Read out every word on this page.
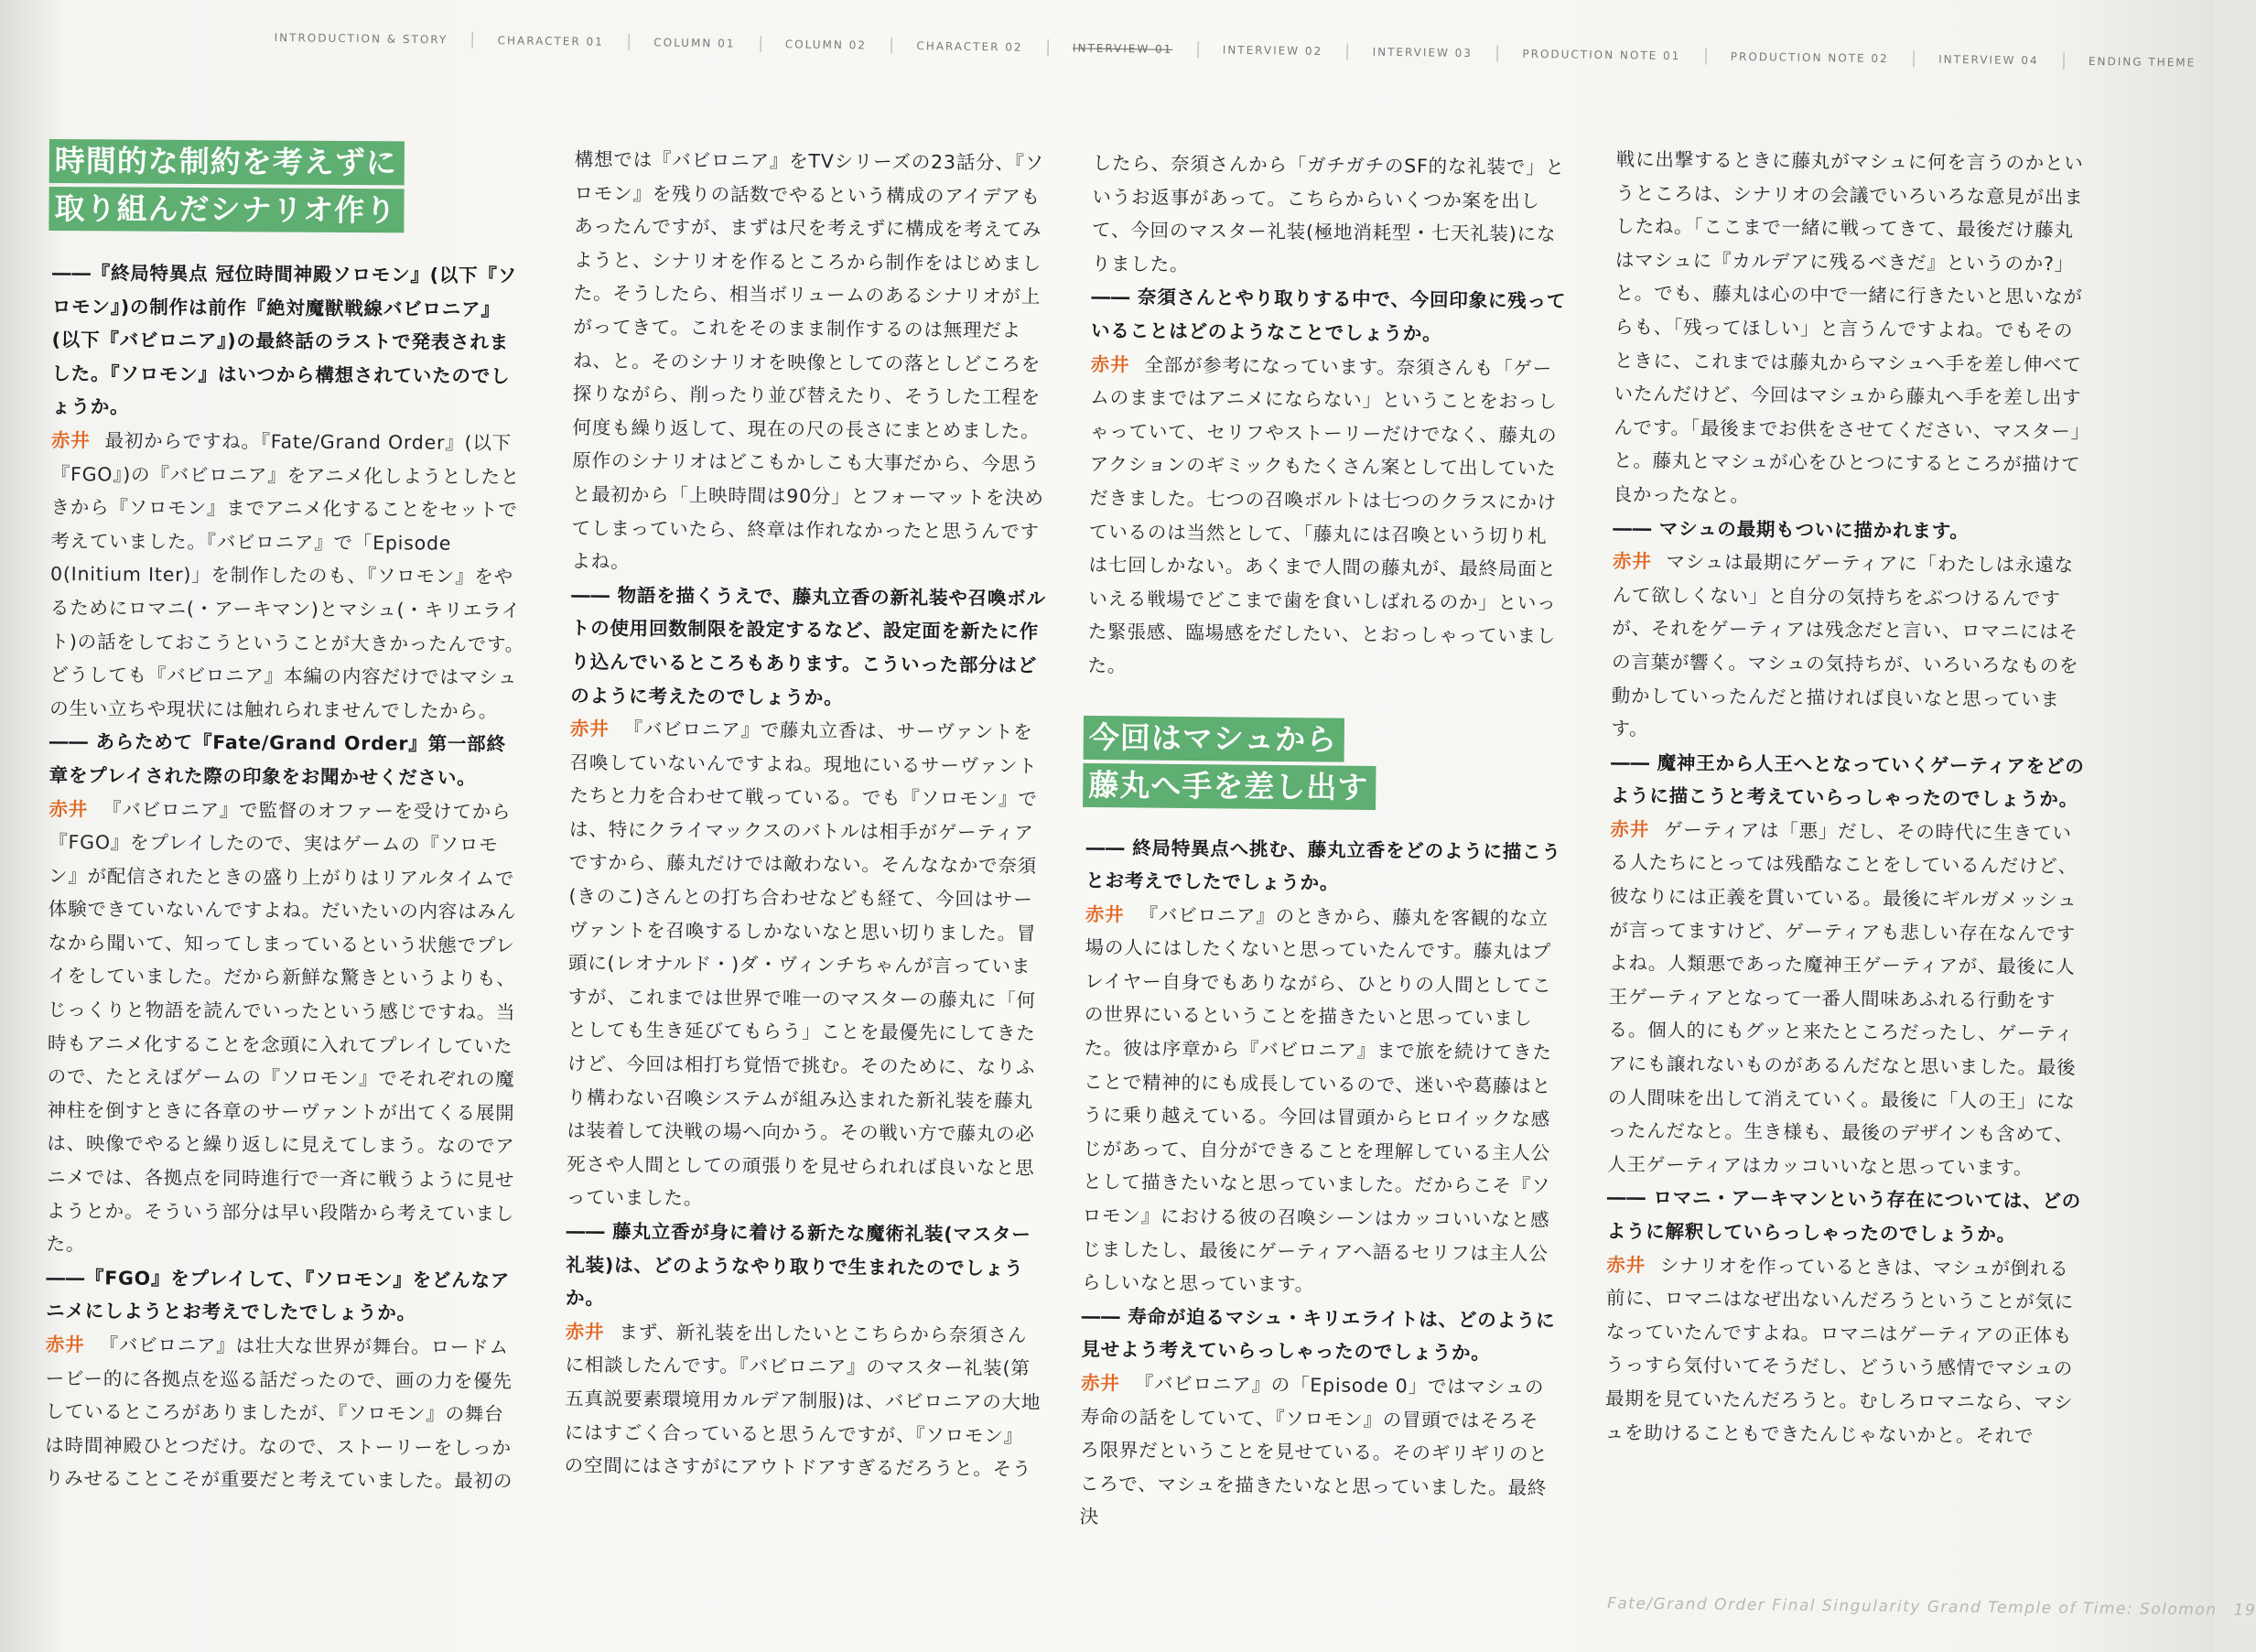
INTRODUCTION & STORY	CHARACTER 01	COLUMN 01	COLUMN 02	CHARACTER 02	INTERVIEW 01	INTERVIEW 02	INTERVIEW 03	PRODUCTION NOTE 01	PRODUCTION NOTE 02	INTERVIEW 04	ENDING THEME
時間的な制約を考えずに
取り組んだシナリオ作り

――『終局特異点 冠位時間神殿ソロモン』(以下『ソロモン』)の制作は前作『絶対魔獣戦線バビロニア』(以下『バビロニア』)の最終話のラストで発表されました。『ソロモン』はいつから構想されていたのでしょうか。

赤井 最初からですね。『Fate/Grand Order』(以下『FGO』)の『バビロニア』をアニメ化しようとしたときから『ソロモン』までアニメ化することをセットで考えていました。『バビロニア』で「Episode 0(Initium Iter)」を制作したのも、『ソロモン』をやるためにロマニ(・アーキマン)とマシュ(・キリエライト)の話をしておこうということが大きかったんです。どうしても『バビロニア』本編の内容だけではマシュの生い立ちや現状には触れられませんでしたから。

―― あらためて『Fate/Grand Order』第一部終章をプレイされた際の印象をお聞かせください。

赤井 『バビロニア』で監督のオファーを受けてから『FGO』をプレイしたので、実はゲームの『ソロモン』が配信されたときの盛り上がりはリアルタイムで体験できていないんですよね。だいたいの内容はみんなから聞いて、知ってしまっているという状態でプレイをしていました。だから新鮮な驚きというよりも、じっくりと物語を読んでいったという感じですね。当時もアニメ化することを念頭に入れてプレイしていたので、たとえばゲームの『ソロモン』でそれぞれの魔神柱を倒すときに各章のサーヴァントが出てくる展開は、映像でやると繰り返しに見えてしまう。なのでアニメでは、各拠点を同時進行で一斉に戦うように見せようとか。そういう部分は早い段階から考えていました。

――『FGO』をプレイして、『ソロモン』をどんなアニメにしようとお考えでしたでしょうか。

赤井 『バビロニア』は壮大な世界が舞台。ロードムービー的に各拠点を巡る話だったので、画の力を優先しているところがありましたが、『ソロモン』の舞台は時間神殿ひとつだけ。なので、ストーリーをしっかりみせることこそが重要だと考えていました。最初の

構想では『バビロニア』をTVシリーズの23話分、『ソロモン』を残りの話数でやるという構成のアイデアもあったんですが、まずは尺を考えずに構成を考えてみようと、シナリオを作るところから制作をはじめました。そうしたら、相当ボリュームのあるシナリオが上がってきて。これをそのまま制作するのは無理だよね、と。そのシナリオを映像としての落としどころを探りながら、削ったり並び替えたり、そうした工程を何度も繰り返して、現在の尺の長さにまとめました。原作のシナリオはどこもかしこも大事だから、今思うと最初から「上映時間は90分」とフォーマットを決めてしまっていたら、終章は作れなかったと思うんですよね。

―― 物語を描くうえで、藤丸立香の新礼装や召喚ボルトの使用回数制限を設定するなど、設定面を新たに作り込んでいるところもあります。こういった部分はどのように考えたのでしょうか。

赤井 『バビロニア』で藤丸立香は、サーヴァントを召喚していないんですよね。現地にいるサーヴァントたちと力を合わせて戦っている。でも『ソロモン』では、特にクライマックスのバトルは相手がゲーティアですから、藤丸だけでは敵わない。そんななかで奈須(きのこ)さんとの打ち合わせなども経て、今回はサーヴァントを召喚するしかないなと思い切りました。冒頭に(レオナルド・)ダ・ヴィンチちゃんが言っていますが、これまでは世界で唯一のマスターの藤丸に「何としても生き延びてもらう」ことを最優先にしてきたけど、今回は相打ち覚悟で挑む。そのために、なりふり構わない召喚システムが組み込まれた新礼装を藤丸は装着して決戦の場へ向かう。その戦い方で藤丸の必死さや人間としての頑張りを見せられれば良いなと思っていました。

―― 藤丸立香が身に着ける新たな魔術礼装(マスター礼装)は、どのようなやり取りで生まれたのでしょうか。

赤井 まず、新礼装を出したいとこちらから奈須さんに相談したんです。『バビロニア』のマスター礼装(第五真説要素環境用カルデア制服)は、バビロニアの大地にはすごく合っていると思うんですが、『ソロモン』の空間にはさすがにアウトドアすぎるだろうと。そう

したら、奈須さんから「ガチガチのSF的な礼装で」というお返事があって。こちらからいくつか案を出して、今回のマスター礼装(極地消耗型・七天礼装)になりました。

―― 奈須さんとやり取りする中で、今回印象に残っていることはどのようなことでしょうか。

赤井 全部が参考になっています。奈須さんも「ゲームのままではアニメにならない」ということをおっしゃっていて、セリフやストーリーだけでなく、藤丸のアクションのギミックもたくさん案として出していただきました。七つの召喚ボルトは七つのクラスにかけているのは当然として、「藤丸には召喚という切り札は七回しかない。あくまで人間の藤丸が、最終局面といえる戦場でどこまで歯を食いしばれるのか」といった緊張感、臨場感をだしたい、とおっしゃっていました。

今回はマシュから
藤丸へ手を差し出す

―― 終局特異点へ挑む、藤丸立香をどのように描こうとお考えでしたでしょうか。

赤井 『バビロニア』のときから、藤丸を客観的な立場の人にはしたくないと思っていたんです。藤丸はプレイヤー自身でもありながら、ひとりの人間としてこの世界にいるということを描きたいと思っていました。彼は序章から『バビロニア』まで旅を続けてきたことで精神的にも成長しているので、迷いや葛藤はとうに乗り越えている。今回は冒頭からヒロイックな感じがあって、自分ができることを理解している主人公として描きたいなと思っていました。だからこそ『ソロモン』における彼の召喚シーンはカッコいいなと感じましたし、最後にゲーティアへ語るセリフは主人公らしいなと思っています。

―― 寿命が迫るマシュ・キリエライトは、どのように見せよう考えていらっしゃったのでしょうか。

赤井 『バビロニア』の「Episode 0」ではマシュの寿命の話をしていて、『ソロモン』の冒頭ではそろそろ限界だということを見せている。そのギリギリのところで、マシュを描きたいなと思っていました。最終決

戦に出撃するときに藤丸がマシュに何を言うのかというところは、シナリオの会議でいろいろな意見が出ましたね。「ここまで一緒に戦ってきて、最後だけ藤丸はマシュに『カルデアに残るべきだ』というのか?」と。でも、藤丸は心の中で一緒に行きたいと思いながらも、「残ってほしい」と言うんですよね。でもそのときに、これまでは藤丸からマシュへ手を差し伸べていたんだけど、今回はマシュから藤丸へ手を差し出すんです。「最後までお供をさせてください、マスター」と。藤丸とマシュが心をひとつにするところが描けて良かったなと。

―― マシュの最期もついに描かれます。

赤井 マシュは最期にゲーティアに「わたしは永遠なんて欲しくない」と自分の気持ちをぶつけるんですが、それをゲーティアは残念だと言い、ロマニにはその言葉が響く。マシュの気持ちが、いろいろなものを動かしていったんだと描ければ良いなと思っています。

―― 魔神王から人王へとなっていくゲーティアをどのように描こうと考えていらっしゃったのでしょうか。

赤井 ゲーティアは「悪」だし、その時代に生きている人たちにとっては残酷なことをしているんだけど、彼なりには正義を貫いている。最後にギルガメッシュが言ってますけど、ゲーティアも悲しい存在なんですよね。人類悪であった魔神王ゲーティアが、最後に人王ゲーティアとなって一番人間味あふれる行動をする。個人的にもグッと来たところだったし、ゲーティアにも譲れないものがあるんだなと思いました。最後の人間味を出して消えていく。最後に「人の王」になったんだなと。生き様も、最後のデザインも含めて、人王ゲーティアはカッコいいなと思っています。

―― ロマニ・アーキマンという存在については、どのように解釈していらっしゃったのでしょうか。

赤井 シナリオを作っているときは、マシュが倒れる前に、ロマニはなぜ出ないんだろうということが気になっていたんですよね。ロマニはゲーティアの正体もうっすら気付いてそうだし、どういう感情でマシュの最期を見ていたんだろうと。むしろロマニなら、マシュを助けることもできたんじゃないかと。それで

Fate/Grand Order Final Singularity Grand Temple of Time: Solomon 19
